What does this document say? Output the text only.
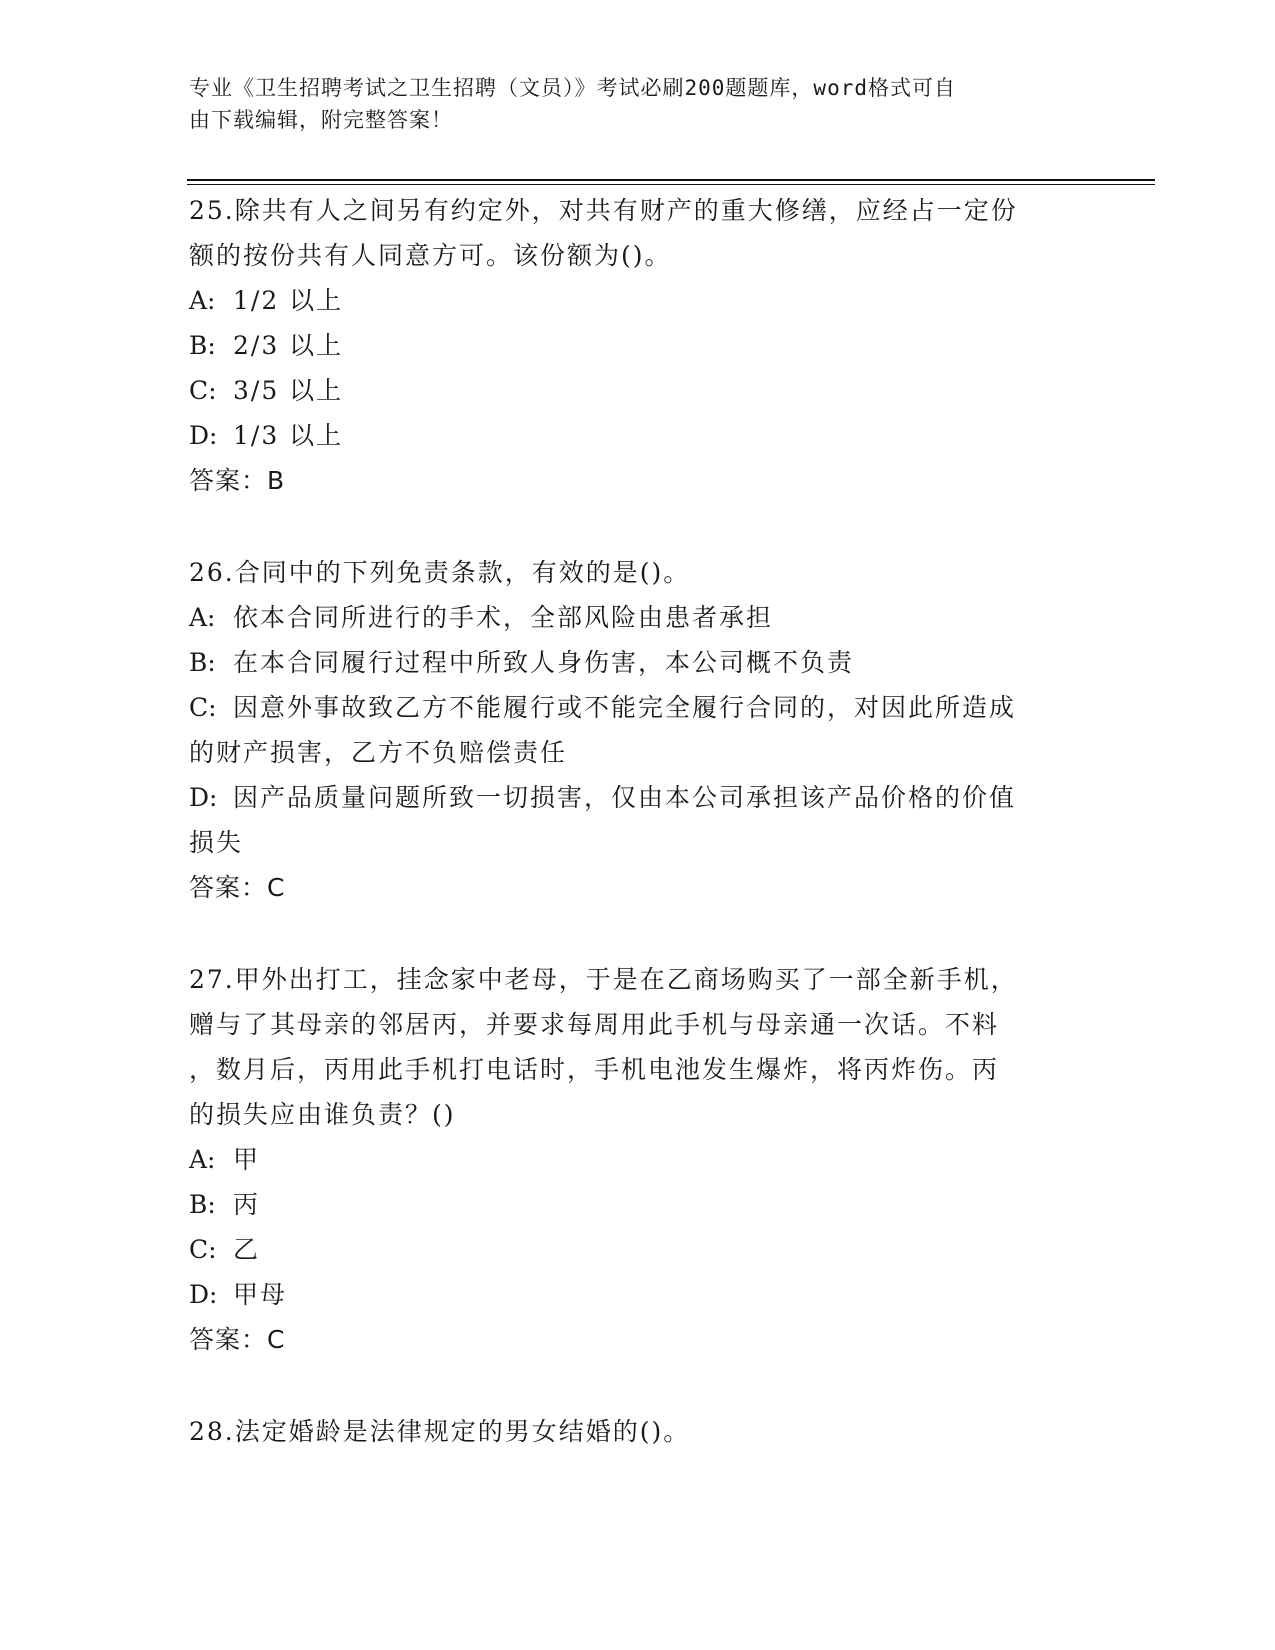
专业《卫生招聘考试之卫生招聘（文员）》考试必刷200题题库，word格式可自
由下载编辑，附完整答案！
25.除共有人之间另有约定外，对共有财产的重大修缮，应经占一定份
额的按份共有人同意方可。该份额为()。
A: 1/2 以上
B: 2/3 以上
C: 3/5 以上
D: 1/3 以上
答案：B
26.合同中的下列免责条款，有效的是()。
A: 依本合同所进行的手术，全部风险由患者承担
B: 在本合同履行过程中所致人身伤害，本公司概不负责
C: 因意外事故致乙方不能履行或不能完全履行合同的，对因此所造成
的财产损害，乙方不负赔偿责任
D: 因产品质量问题所致一切损害，仅由本公司承担该产品价格的价值
损失
答案：C
27.甲外出打工，挂念家中老母，于是在乙商场购买了一部全新手机，
赠与了其母亲的邻居丙，并要求每周用此手机与母亲通一次话。不料
，数月后，丙用此手机打电话时，手机电池发生爆炸，将丙炸伤。丙
的损失应由谁负责？()
A: 甲
B: 丙
C: 乙
D: 甲母
答案：C
28.法定婚龄是法律规定的男女结婚的()。
